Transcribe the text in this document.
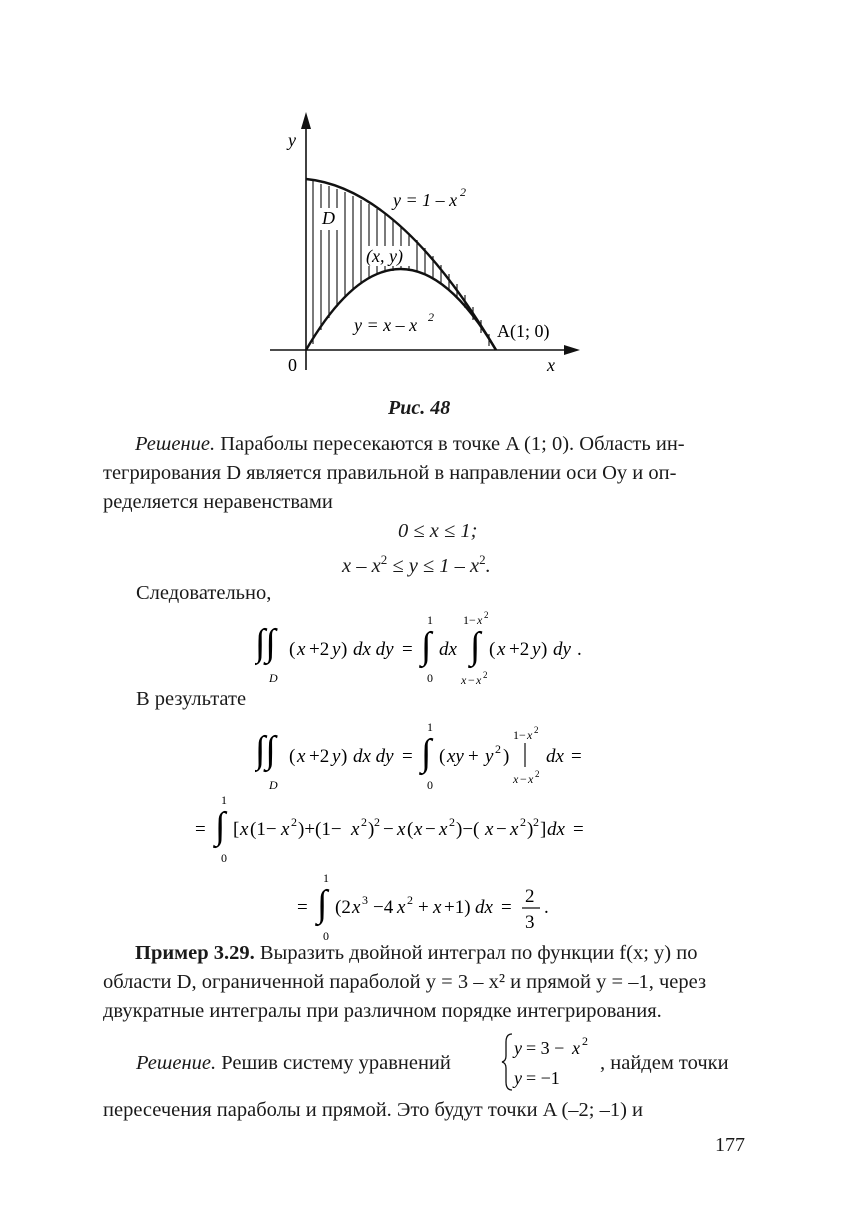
y
x
0
D
y = 1 – x 2
(x, y)
y = x – x 2
A(1; 0)
Рис. 48
Решение. Параболы пересекаются в точке A (1; 0). Область ин-
тегрирования D является правильной в направлении оси Oy и оп-
ределяется неравенствами
0 ≤ x ≤ 1;
$x - x^2 \le y \le 1 - x^2$.
Следовательно,
∫∫
D
( x +2 y ) dx dy = ∫
1
0
dx ∫
1− x 2
x − x 2
( x +2 y ) dy .
В результате
∫∫
D
( x +2 y ) dx dy = ∫
1
0
( xy + y 2 )
1− x 2
x − x 2
dx =
= ∫
1
0
[ x (1− x 2 )+(1− x 2 ) 2 − x ( x − x 2 )−( x − x 2 ) 2 ] dx =
= ∫
1
0
(2 x 3 −4 x 2 + x +1) dx =
2
3
.
Пример 3.29. Выразить двойной интеграл по функции f(x; y) по
области D, ограниченной параболой y = 3 – x² и прямой y = –1, через
двукратные интегралы при различном порядке интегрирования.
Решение. Решив систему уравнений
y = 3 − x 2
y = −1
, найдем точки
пересечения параболы и прямой. Это будут точки A (–2; –1) и
177
